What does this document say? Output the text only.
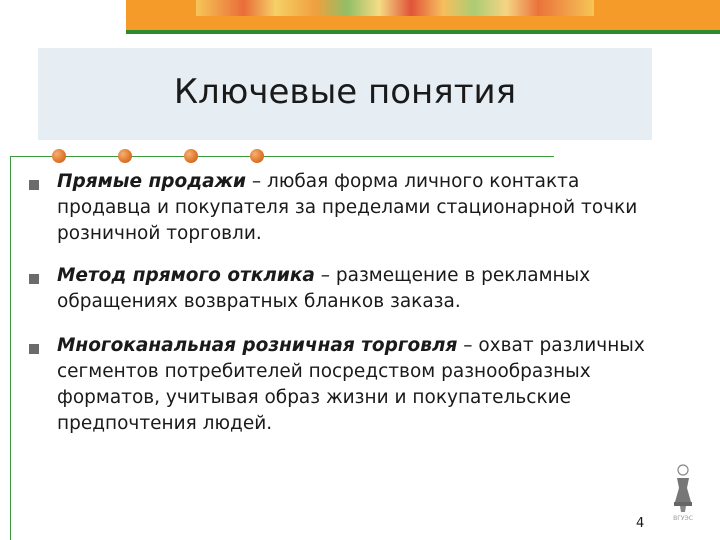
Ключевые понятия
Прямые продажи – любая форма личного контакта продавца и покупателя за пределами стационарной точки розничной торговли.
Метод прямого отклика – размещение в рекламных обращениях возвратных бланков заказа.
Многоканальная розничная торговля – охват различных сегментов потребителей посредством разнообразных форматов, учитывая образ жизни и покупательские предпочтения людей.
ВГУЭС
4
